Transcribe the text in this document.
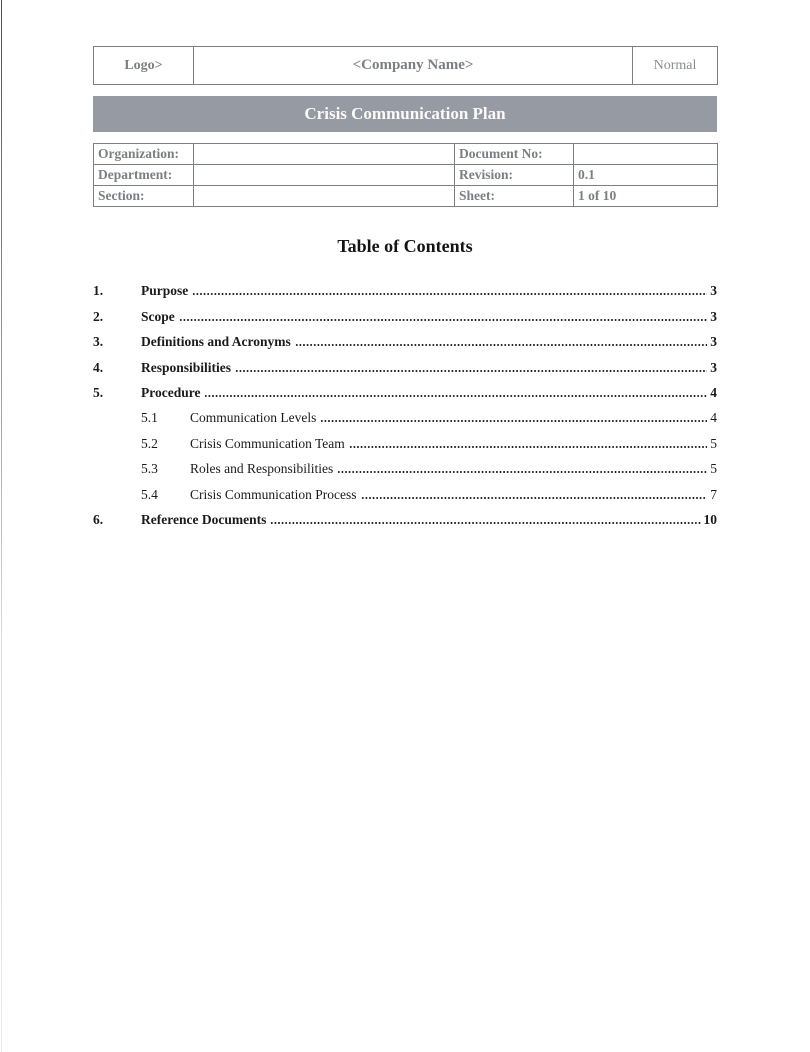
Logo>	<Company Name>	Normal
Crisis Communication Plan
Organization:		Document No:	
Department:		Revision:	0.1
Section:		Sheet:	1 of 10
Table of Contents
1.	Purpose	3
2.	Scope	3
3.	Definitions and Acronyms	3
4.	Responsibilities	3
5.	Procedure	4
5.1	Communication Levels	4
5.2	Crisis Communication Team	5
5.3	Roles and Responsibilities	5
5.4	Crisis Communication Process	7
6.	Reference Documents	10
